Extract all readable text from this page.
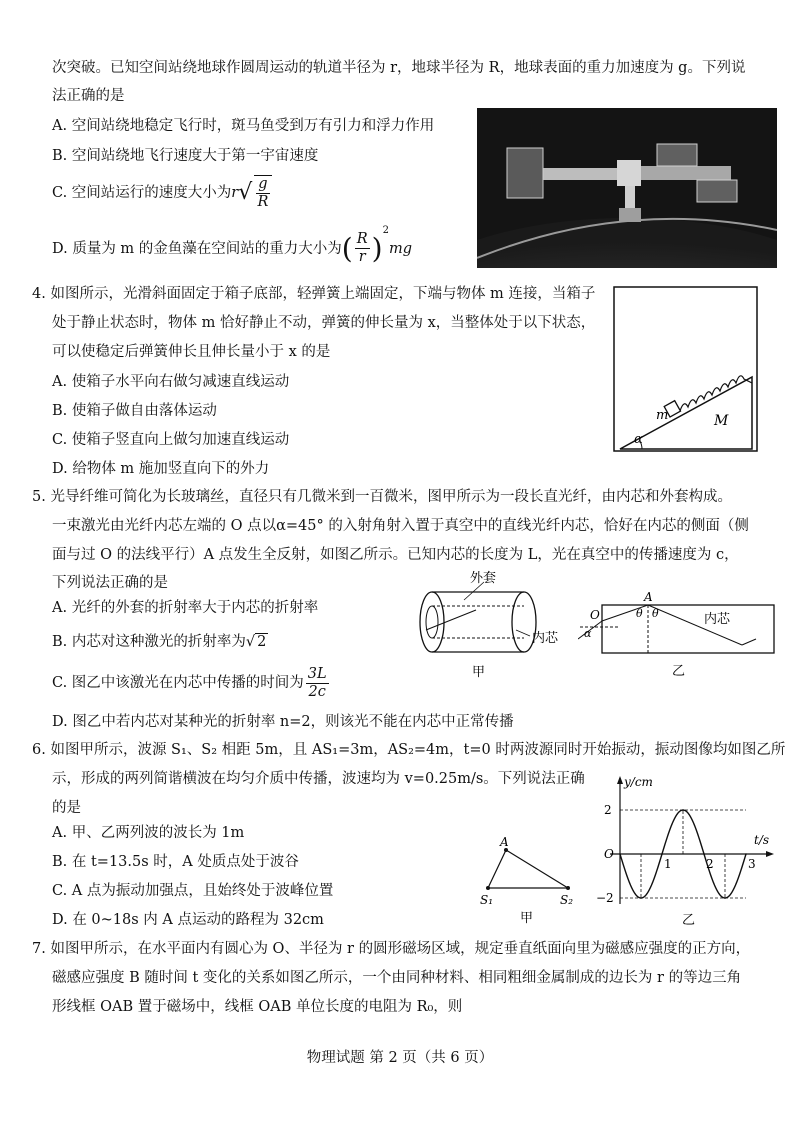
次突破。已知空间站绕地球作圆周运动的轨道半径为 r，地球半径为 R，地球表面的重力加速度为 g。下列说
法正确的是
A. 空间站绕地稳定飞行时，斑马鱼受到万有引力和浮力作用
B. 空间站绕地飞行速度大于第一宇宙速度
C. 空间站运行的速度大小为$r√ \frac{g}{R}$
D. 质量为 m 的金鱼藻在空间站的重力大小为( $\frac{R}{r} )^2mg$
4. 如图所示，光滑斜面固定于箱子底部，轻弹簧上端固定，下端与物体 m 连接，当箱子
处于静止状态时，物体 m 恰好静止不动，弹簧的伸长量为 x，当整体处于以下状态，
可以使稳定后弹簧伸长且伸长量小于 x 的是
A. 使箱子水平向右做匀减速直线运动
B. 使箱子做自由落体运动
C. 使箱子竖直向上做匀加速直线运动
D. 给物体 m 施加竖直向下的外力
α
m	M
5. 光导纤维可简化为长玻璃丝，直径只有几微米到一百微米，图甲所示为一段长直光纤，由内芯和外套构成。
一束激光由光纤内芯左端的 O 点以α=45° 的入射角射入置于真空中的直线光纤内芯，恰好在内芯的侧面（侧
面与过 O 的法线平行）A 点发生全反射，如图乙所示。已知内芯的长度为 L，光在真空中的传播速度为 c，
下列说法正确的是
A. 光纤的外套的折射率大于内芯的折射率
B. 内芯对这种激光的折射率为√ 2
C. 图乙中该激光在内芯中传播的时间为 $\frac{3L}{2c}$
D. 图乙中若内芯对某种光的折射率 n=2，则该光不能在内芯中正常传播
外套
内芯
甲
A
O
α
θ θ	内芯
乙
6. 如图甲所示，波源 S₁、S₂ 相距 5m，且 AS₁=3m，AS₂=4m，t=0 时两波源同时开始振动，振动图像均如图乙所
示，形成的两列简谐横波在均匀介质中传播，波速均为 v=0.25m/s。下列说法正确
的是
A. 甲、乙两列波的波长为 1m
B. 在 t=13.5s 时，A 处质点处于波谷
C. A 点为振动加强点，且始终处于波峰位置
D. 在 0~18s 内 A 点运动的路程为 32cm
A
S₁	S₂
甲
y/cm
t/s
O
1	2	3
2
−2
乙
7. 如图甲所示，在水平面内有圆心为 O、半径为 r 的圆形磁场区域，规定垂直纸面向里为磁感应强度的正方向，
磁感应强度 B 随时间 t 变化的关系如图乙所示，一个由同种材料、相同粗细金属制成的边长为 r 的等边三角
形线框 OAB 置于磁场中，线框 OAB 单位长度的电阻为 R₀，则
物理试题 第 2 页（共 6 页）
